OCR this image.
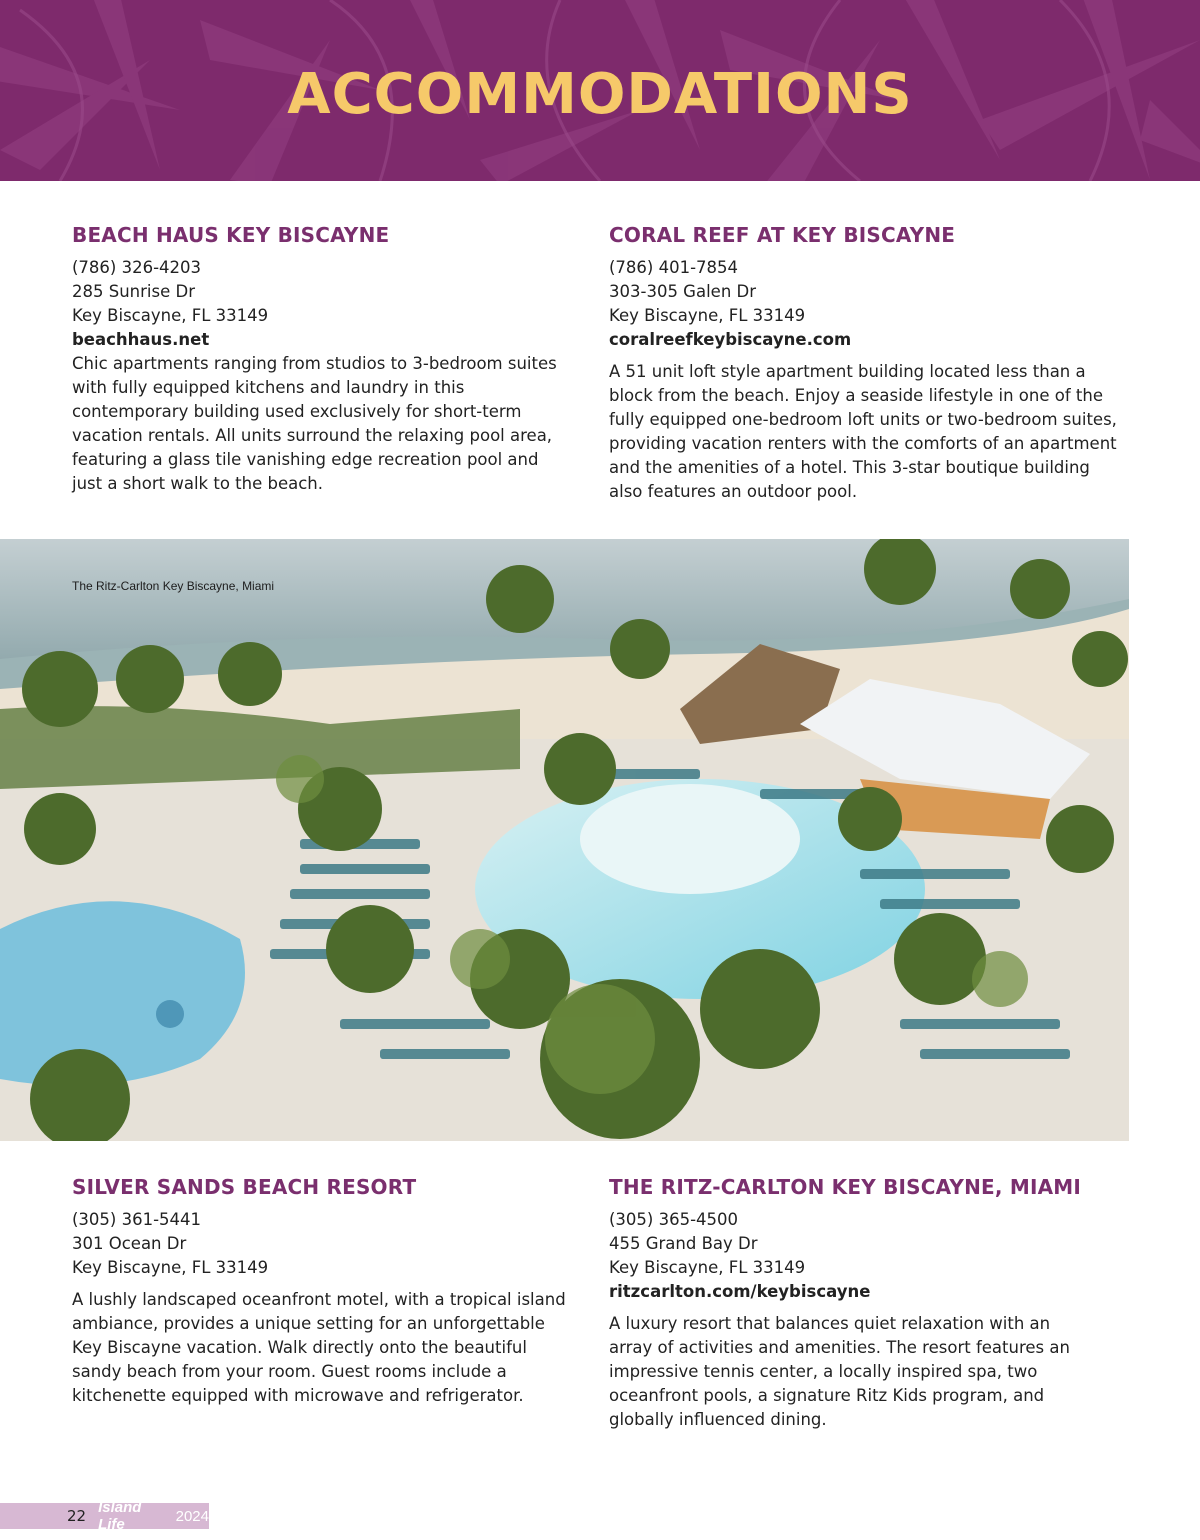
ACCOMMODATIONS
BEACH HAUS KEY BISCAYNE
(786) 326-4203
285 Sunrise Dr
Key Biscayne, FL 33149
beachhaus.net
Chic apartments ranging from studios to 3-bedroom suites with fully equipped kitchens and laundry in this contemporary building used exclusively for short-term vacation rentals. All units surround the relaxing pool area, featuring a glass tile vanishing edge recreation pool and just a short walk to the beach.
CORAL REEF AT KEY BISCAYNE
(786) 401-7854
303-305 Galen Dr
Key Biscayne, FL 33149
coralreefkeybiscayne.com
A 51 unit loft style apartment building located less than a block from the beach. Enjoy a seaside lifestyle in one of the fully equipped one-bedroom loft units or two-bedroom suites, providing vacation renters with the comforts of an apartment and the amenities of a hotel. This 3-star boutique building also features an outdoor pool.
The Ritz-Carlton Key Biscayne, Miami
SILVER SANDS BEACH RESORT
(305) 361-5441
301 Ocean Dr
Key Biscayne, FL 33149
A lushly landscaped oceanfront motel, with a tropical island ambiance, provides a unique setting for an unforgettable Key Biscayne vacation. Walk directly onto the beautiful sandy beach from your room. Guest rooms include a kitchenette equipped with microwave and refrigerator.
THE RITZ-CARLTON KEY BISCAYNE, MIAMI
(305) 365-4500
455 Grand Bay Dr
Key Biscayne, FL 33149
ritzcarlton.com/keybiscayne
A luxury resort that balances quiet relaxation with an array of activities and amenities. The resort features an impressive tennis center, a locally inspired spa, two oceanfront pools, a signature Ritz Kids program, and globally influenced dining.
22 Island Life	2024
